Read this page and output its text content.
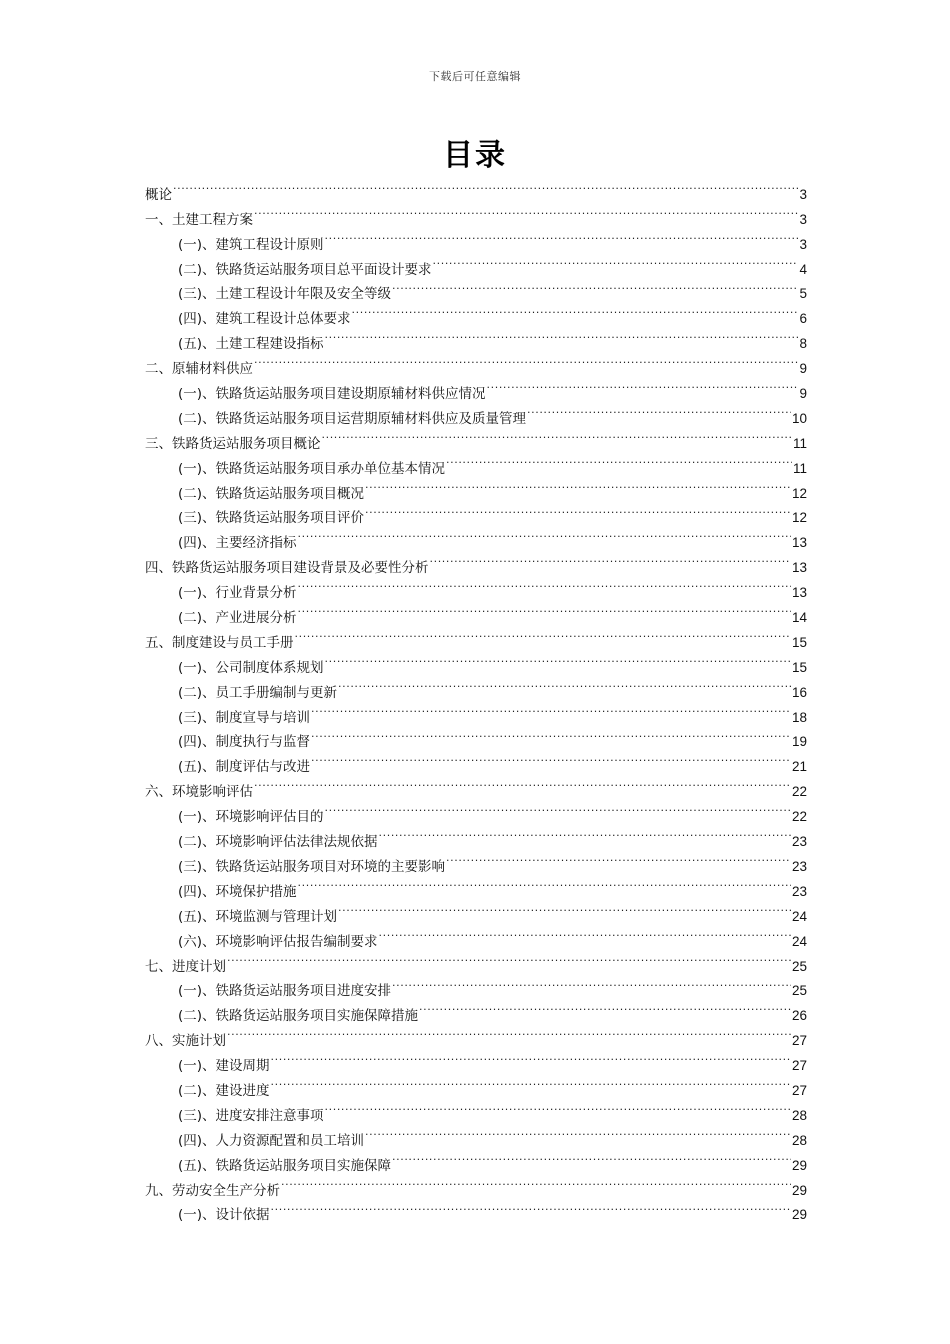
下载后可任意编辑
目录
概论 .....	3
一、土建工程方案 .....	3
(一)、建筑工程设计原则 .....	3
(二)、铁路货运站服务项目总平面设计要求 .....	4
(三)、土建工程设计年限及安全等级 .....	5
(四)、建筑工程设计总体要求 .....	6
(五)、土建工程建设指标 .....	8
二、原辅材料供应 .....	9
(一)、铁路货运站服务项目建设期原辅材料供应情况 .....	9
(二)、铁路货运站服务项目运营期原辅材料供应及质量管理 .....	10
三、铁路货运站服务项目概论 .....	11
(一)、铁路货运站服务项目承办单位基本情况 .....	11
(二)、铁路货运站服务项目概况 .....	12
(三)、铁路货运站服务项目评价 .....	12
(四)、主要经济指标 .....	13
四、铁路货运站服务项目建设背景及必要性分析 .....	13
(一)、行业背景分析 .....	13
(二)、产业进展分析 .....	14
五、制度建设与员工手册 .....	15
(一)、公司制度体系规划 .....	15
(二)、员工手册编制与更新 .....	16
(三)、制度宣导与培训 .....	18
(四)、制度执行与监督 .....	19
(五)、制度评估与改进 .....	21
六、环境影响评估 .....	22
(一)、环境影响评估目的 .....	22
(二)、环境影响评估法律法规依据 .....	23
(三)、铁路货运站服务项目对环境的主要影响 .....	23
(四)、环境保护措施 .....	23
(五)、环境监测与管理计划 .....	24
(六)、环境影响评估报告编制要求 .....	24
七、进度计划 .....	25
(一)、铁路货运站服务项目进度安排 .....	25
(二)、铁路货运站服务项目实施保障措施 .....	26
八、实施计划 .....	27
(一)、建设周期 .....	27
(二)、建设进度 .....	27
(三)、进度安排注意事项 .....	28
(四)、人力资源配置和员工培训 .....	28
(五)、铁路货运站服务项目实施保障 .....	29
九、劳动安全生产分析 .....	29
(一)、设计依据 .....	29
